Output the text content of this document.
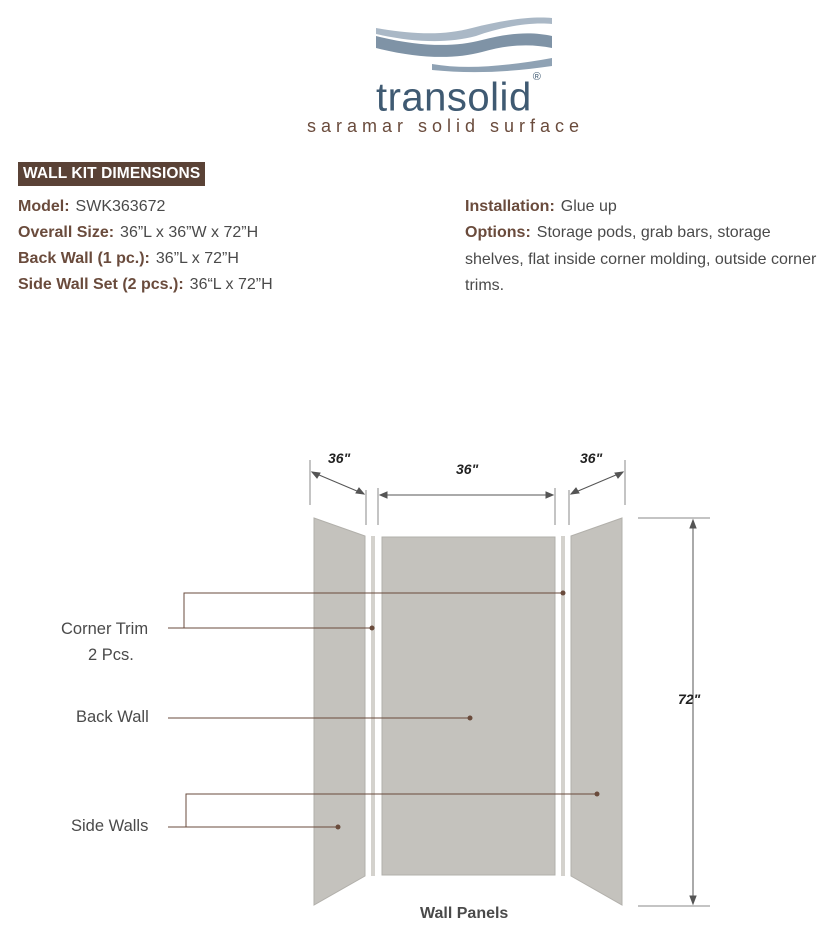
transolid®
saramar solid surface
WALL KIT DIMENSIONS
Model: SWK363672
Overall Size: 36”L x 36”W x 72”H
Back Wall (1 pc.): 36”L x 72”H
Side Wall Set (2 pcs.): 36“L x 72”H
Installation: Glue up
Options: Storage pods, grab bars, storage shelves, flat inside corner molding, outside corner trims.
36"
36"
36"
72"
Corner Trim
2 Pcs.
Back Wall
Side Walls
Wall Panels
